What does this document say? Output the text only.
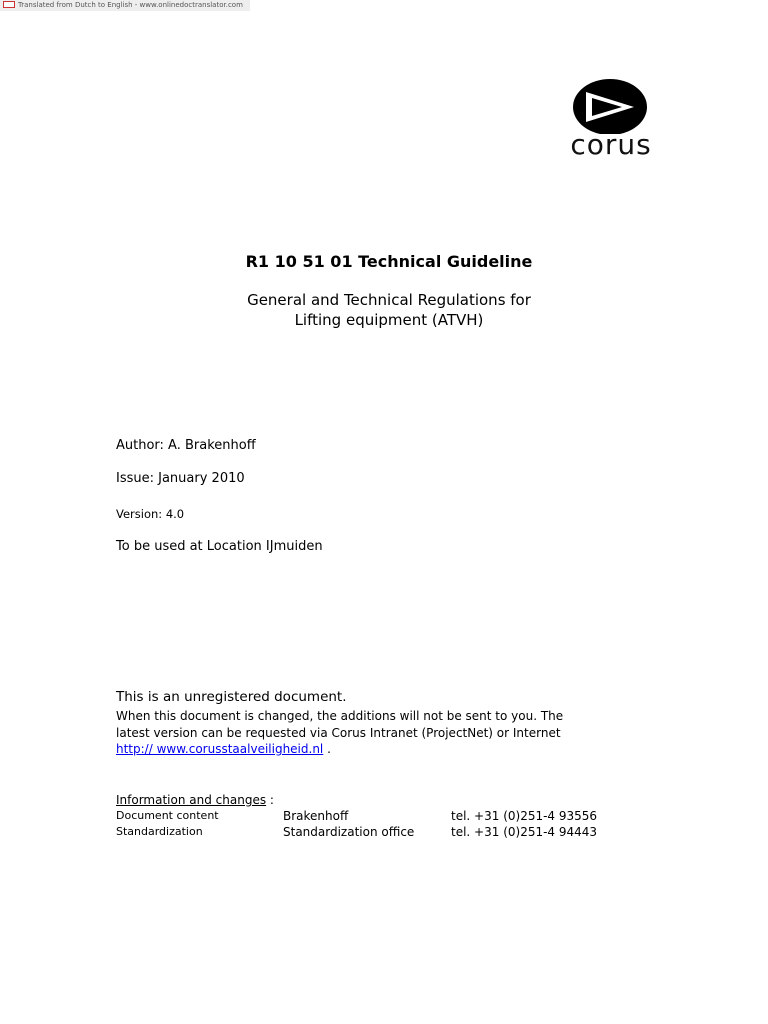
Translated from Dutch to English - www.onlinedoctranslator.com
corus
R1 10 51 01 Technical Guideline
General and Technical Regulations for
Lifting equipment (ATVH)
Author: A. Brakenhoff
Issue: January 2010
Version: 4.0
To be used at Location IJmuiden
This is an unregistered document.
When this document is changed, the additions will not be sent to you. The latest version can be requested via Corus Intranet (ProjectNet) or Internet http:// www.corusstaalveiligheid.nl .
Information and changes :
Document content	Brakenhoff	tel. +31 (0)251-4 93556
Standardization	Standardization office	tel. +31 (0)251-4 94443
